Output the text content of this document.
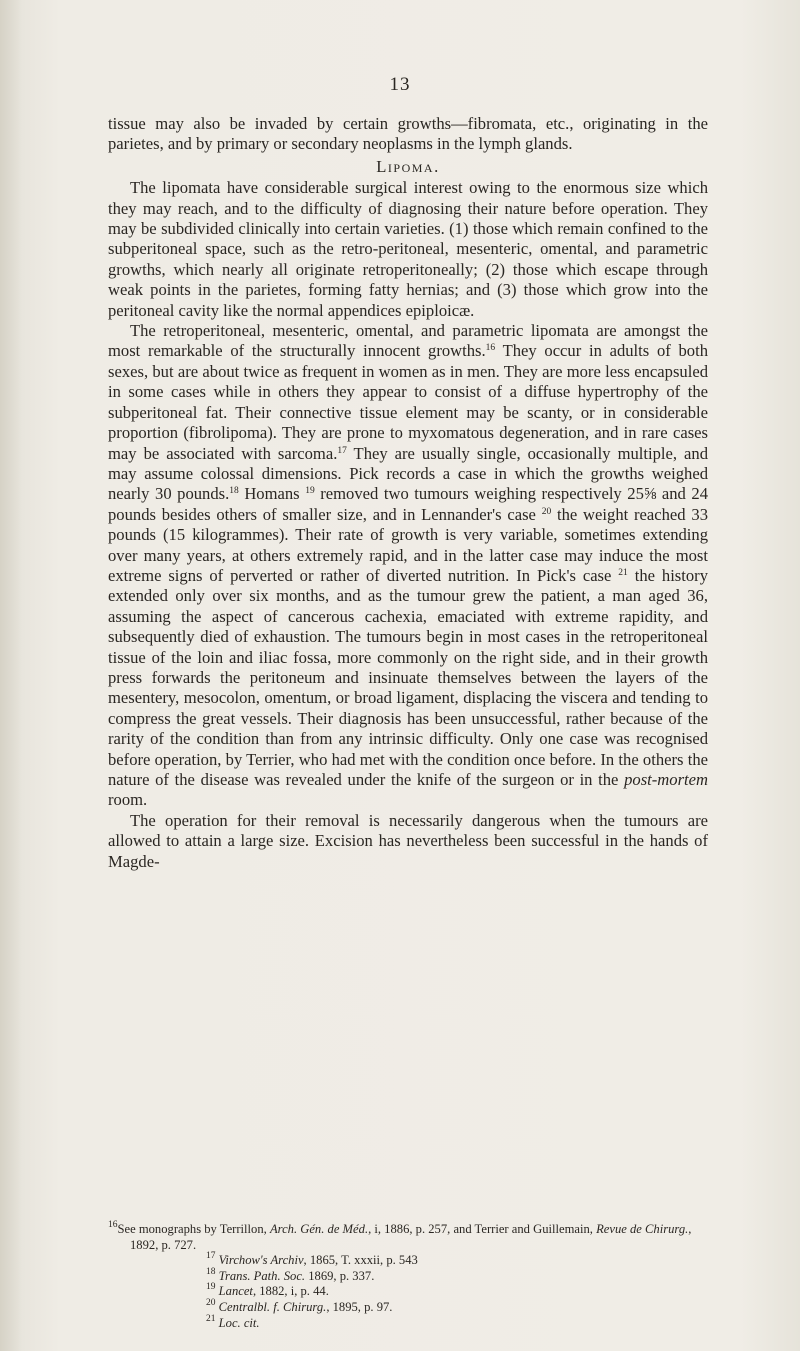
13

tissue may also be invaded by certain growths—fibromata, etc., originating in the parietes, and by primary or secondary neoplasms in the lymph glands.

Lipoma.

The lipomata have considerable surgical interest owing to the enormous size which they may reach, and to the difficulty of diagnosing their nature before operation. They may be subdivided clinically into certain varieties. (1) those which remain confined to the subperitoneal space, such as the retro-peritoneal, mesenteric, omental, and parametric growths, which nearly all originate retroperitoneally; (2) those which escape through weak points in the parietes, forming fatty hernias; and (3) those which grow into the peritoneal cavity like the normal appendices epiploicæ.

The retroperitoneal, mesenteric, omental, and parametric lipomata are amongst the most remarkable of the structurally innocent growths.$^{16}$ They occur in adults of both sexes, but are about twice as frequent in women as in men. They are more less encapsuled in some cases while in others they appear to consist of a diffuse hypertrophy of the subperitoneal fat. Their connective tissue element may be scanty, or in considerable proportion (fibrolipoma). They are prone to myxomatous degeneration, and in rare cases may be associated with sarcoma.$^{17}$ They are usually single, occasionally multiple, and may assume colossal dimensions. Pick records a case in which the growths weighed nearly 30 pounds.$^{18}$ Homans $^{19}$ removed two tumours weighing respectively 25⅝ and 24 pounds besides others of smaller size, and in Lennander's case $^{20}$ the weight reached 33 pounds (15 kilogrammes). Their rate of growth is very variable, sometimes extending over many years, at others extremely rapid, and in the latter case may induce the most extreme signs of perverted or rather of diverted nutrition. In Pick's case $^{21}$ the history extended only over six months, and as the tumour grew the patient, a man aged 36, assuming the aspect of cancerous cachexia, emaciated with extreme rapidity, and subsequently died of exhaustion. The tumours begin in most cases in the retroperitoneal tissue of the loin and iliac fossa, more commonly on the right side, and in their growth press forwards the peritoneum and insinuate themselves between the layers of the mesentery, mesocolon, omentum, or broad ligament, displacing the viscera and tending to compress the great vessels. Their diagnosis has been unsuccessful, rather because of the rarity of the condition than from any intrinsic difficulty. Only one case was recognised before operation, by Terrier, who had met with the condition once before. In the others the nature of the disease was revealed under the knife of the surgeon or in the post-mortem room.

The operation for their removal is necessarily dangerous when the tumours are allowed to attain a large size. Excision has nevertheless been successful in the hands of Magde-

$^{16}$See monographs by Terrillon, Arch. Gén. de Méd., i, 1886, p. 257, and Terrier and Guillemain, Revue de Chirurg., 1892, p. 727.

$^{17}$ Virchow's Archiv, 1865, T. xxxii, p. 543

$^{18}$ Trans. Path. Soc. 1869, p. 337.

$^{19}$ Lancet, 1882, i, p. 44.

$^{20}$ Centralbl. f. Chirurg., 1895, p. 97.

$^{21}$ Loc. cit.
